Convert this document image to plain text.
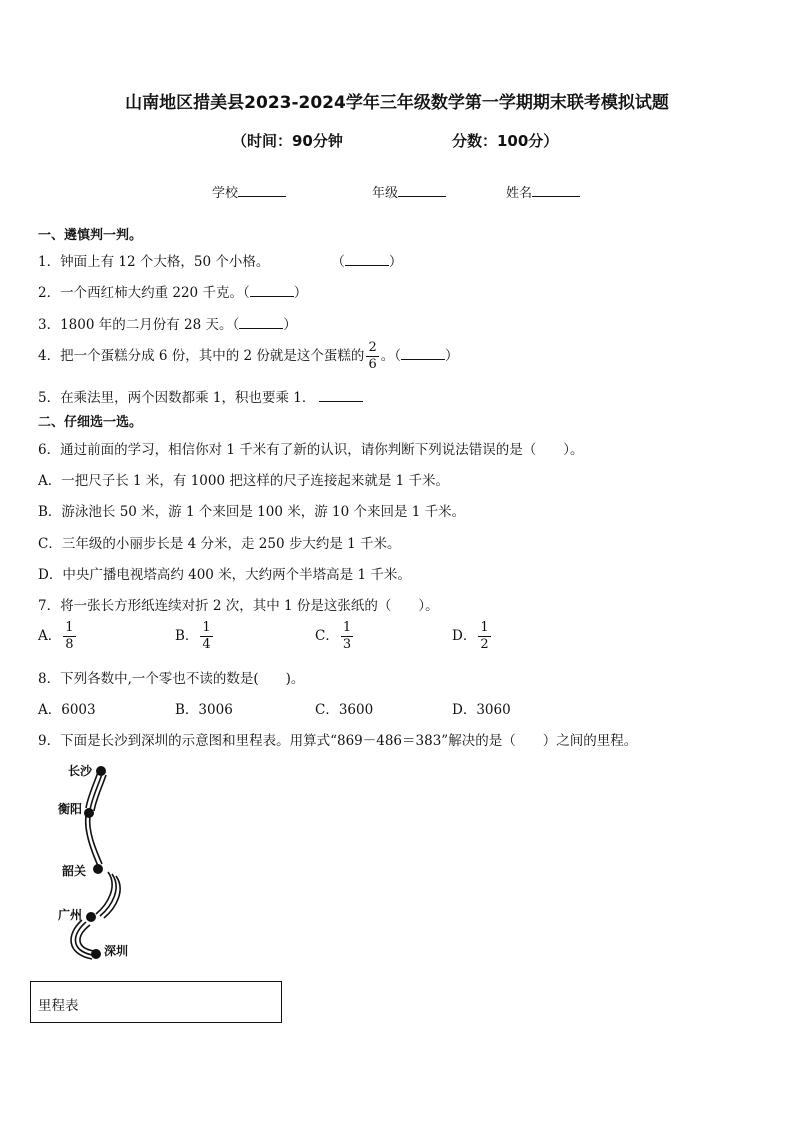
山南地区措美县2023-2024学年三年级数学第一学期期末联考模拟试题
（时间：90分钟	分数：100分）
学校	年级	姓名
一、遴慎判一判。
1．钟面上有 12 个大格，50 个小格。	（	）
2．一个西红柿大约重 220 千克。（	）
3．1800 年的二月份有 28 天。（	）
4．把一个蛋糕分成 6 份，其中的 2 份就是这个蛋糕的 $\frac{2}{6}$ 。（	）
5．在乘法里，两个因数都乘 1，积也要乘 1．
二、仔细选一选。
6．通过前面的学习，相信你对 1 千米有了新的认识，请你判断下列说法错误的是（　　）。
A．一把尺子长 1 米，有 1000 把这样的尺子连接起来就是 1 千米。
B．游泳池长 50 米，游 1 个来回是 100 米，游 10 个来回是 1 千米。
C．三年级的小丽步长是 4 分米，走 250 步大约是 1 千米。
D．中央广播电视塔高约 400 米，大约两个半塔高是 1 千米。
7．将一张长方形纸连续对折 2 次，其中 1 份是这张纸的（　　）。
A． $\frac{1}{8}$	B． $\frac{1}{4}$	C． $\frac{1}{3}$	D． $\frac{1}{2}$
8．下列各数中,一个零也不读的数是(　　)。
A．6003	B．3006	C．3600	D．3060
9．下面是长沙到深圳的示意图和里程表。用算式“869－486＝383”解决的是（　　）之间的里程。
长沙
衡阳
韶关
广州
深圳
里程表
